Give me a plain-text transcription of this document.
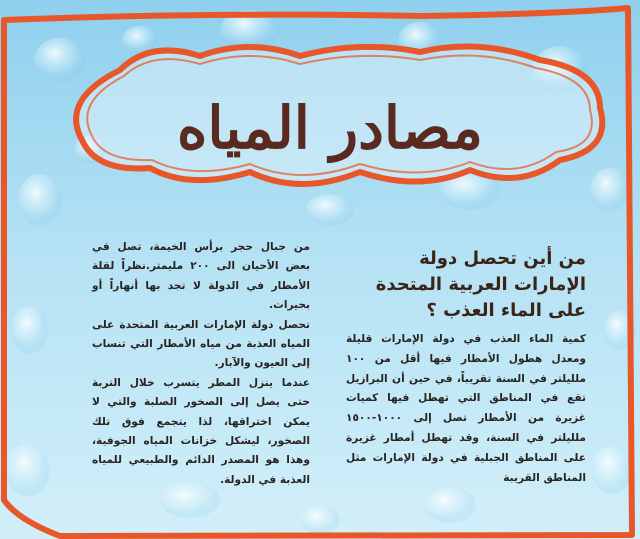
مصادر المياه
من أين تحصل دولة الإمارات العربية المتحدة على الماء العذب ؟

كمية الماء العذب في دولة الإمارات قليلة ومعدل هطول الأمطار فيها أقل من ١٠٠ ملليلتر في السنة تقريباً، في حين أن البرازيل تقع في المناطق التي تهطل فيها كميات غزيرة من الأمطار تصل إلى ١٠٠٠-١٥٠٠ ملليلتر في السنة، وقد تهطل أمطار غزيرة على المناطق الجبلية في دولة الإمارات مثل المناطق القريبة

من جبال حجر برأس الخيمة، تصل في بعض الأحيان الى ٢٠٠ مليمتر.نظراً لقلة الأمطار في الدولة لا تجد بها أنهاراً أو بحيرات.

تحصل دولة الإمارات العربية المتحدة على المياه العذبة من مياه الأمطار التي تنساب إلى العيون والآبار.

عندما ينزل المطر يتسرب خلال التربة حتى يصل إلى الصخور الصلبة والتي لا يمكن اختراقها، لذا يتجمع فوق تلك الصخور، ليشكل خزانات المياه الجوفية، وهذا هو المصدر الدائم والطبيعي للمياه العذبة في الدولة.
